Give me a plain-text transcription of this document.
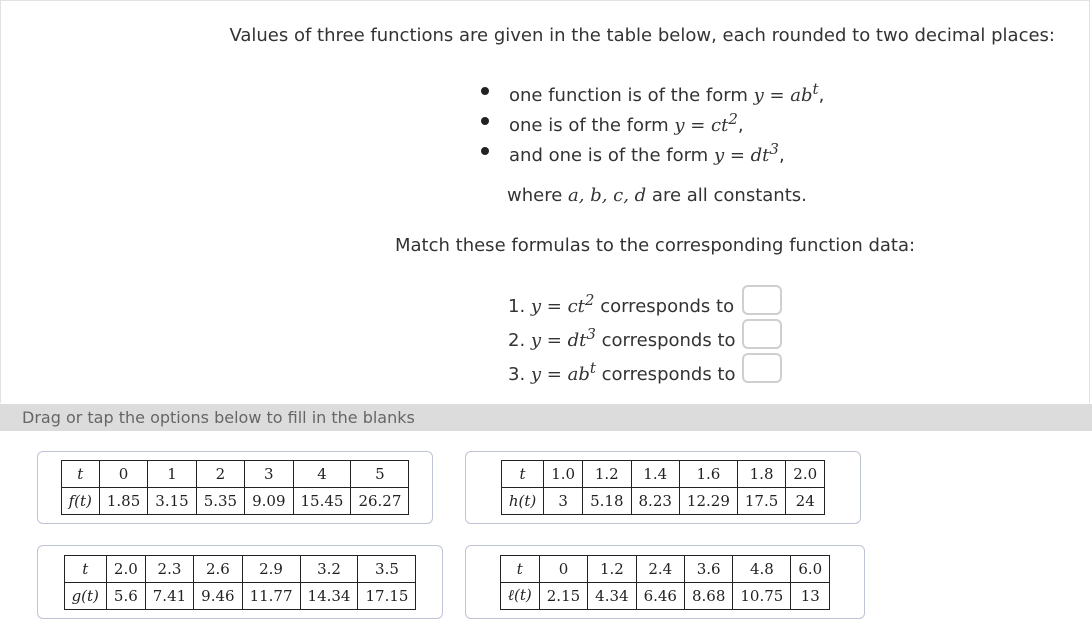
Values of three functions are given in the table below, each rounded to two decimal places:
one function is of the form $y = ab^t$,
one is of the form $y = ct^2$,
and one is of the form $y = dt^3$,
where a, b, c, d are all constants.
Match these formulas to the corresponding function data:
1. $y = ct^2$ corresponds to
2. $y = dt^3$ corresponds to
3. $y = ab^t$ corresponds to
Drag or tap the options below to fill in the blanks
t	0	1	2	3	4	5
f(t)	1.85	3.15	5.35	9.09	15.45	26.27
t	1.0	1.2	1.4	1.6	1.8	2.0
h(t)	3	5.18	8.23	12.29	17.5	24
t	2.0	2.3	2.6	2.9	3.2	3.5
g(t)	5.6	7.41	9.46	11.77	14.34	17.15
t	0	1.2	2.4	3.6	4.8	6.0
ℓ(t)	2.15	4.34	6.46	8.68	10.75	13
